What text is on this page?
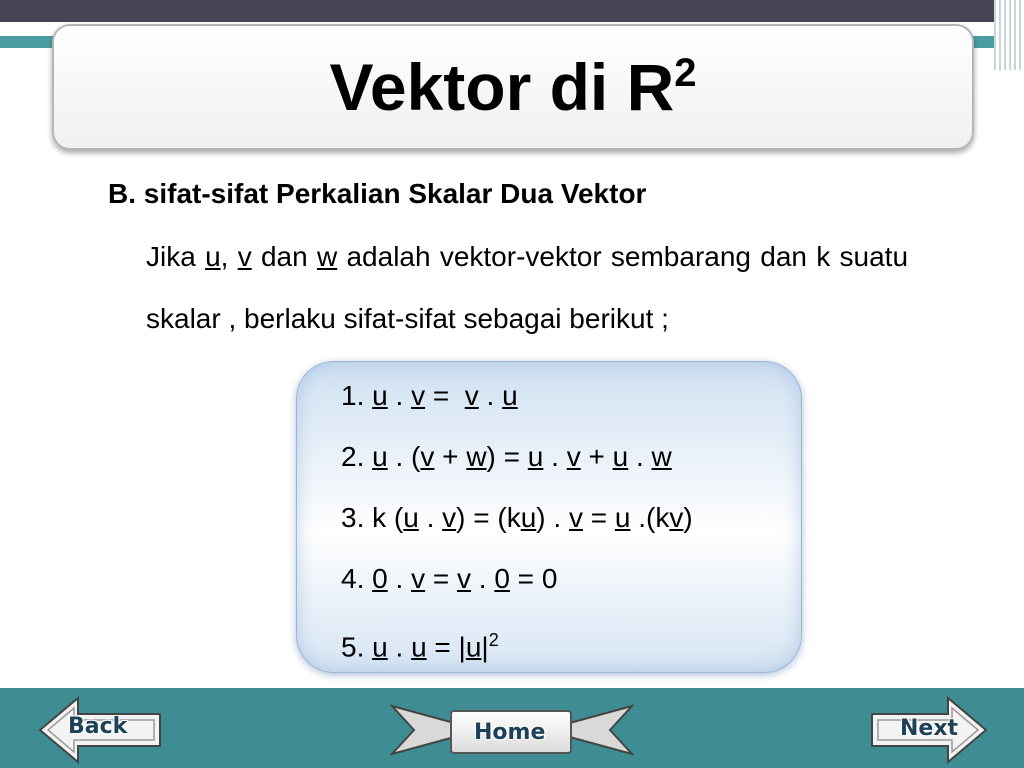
Vektor di $R^2$
B. sifat-sifat Perkalian Skalar Dua Vektor
Jika u, v dan w adalah vektor-vektor sembarang dan k suatu skalar , berlaku sifat-sifat sebagai berikut ;
1. u . v =  v . u
2. u . (v + w) = u . v + u . w
3. k (u . v) = (ku) . v = u .(kv)
4. 0 . v = v . 0 = 0
5. u . $u = |u|^2$
Back	Home	Next
